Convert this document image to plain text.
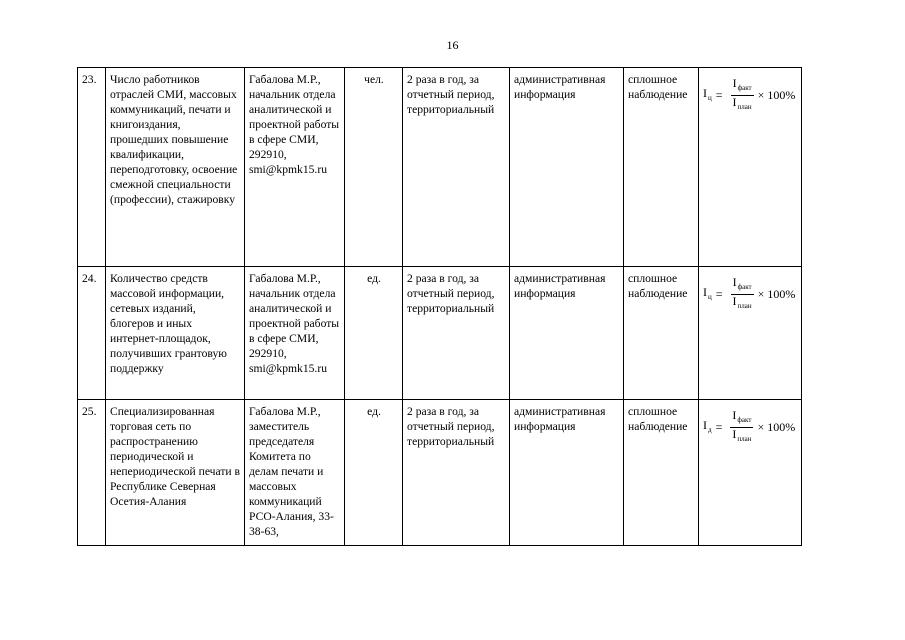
16
23.	Число работников отраслей СМИ, массовых коммуникаций, печати и книгоиздания, прошедших повышение квалификации, переподготовку, освоение смежной специальности (профессии), стажировку	Габалова М.Р., начальник отдела аналитической и проектной работы в сфере СМИ, 292910, smi@kpmk15.ru	чел.	2 раза в год, за отчетный период, территориальный	административная информация	сплошное наблюдение	$I_ц = \frac{I_{факт}}{I_{план}} \times 100\%$

24.	Количество средств массовой информации, сетевых изданий, блогеров и иных интернет-площадок, получивших грантовую поддержку	Габалова М.Р., начальник отдела аналитической и проектной работы в сфере СМИ, 292910, smi@kpmk15.ru	ед.	2 раза в год, за отчетный период, территориальный	административная информация	сплошное наблюдение	$I_ц = \frac{I_{факт}}{I_{план}} \times 100\%$

25.	Специализированная торговая сеть по распространению периодической и непериодической печати в Республике Северная Осетия-Алания	Габалова М.Р., заместитель председателя Комитета по делам печати и массовых коммуникаций РСО-Алания, 33-38-63,	ед.	2 раза в год, за отчетный период, территориальный	административная информация	сплошное наблюдение	$I_д = \frac{I_{факт}}{I_{план}} \times 100\%$
